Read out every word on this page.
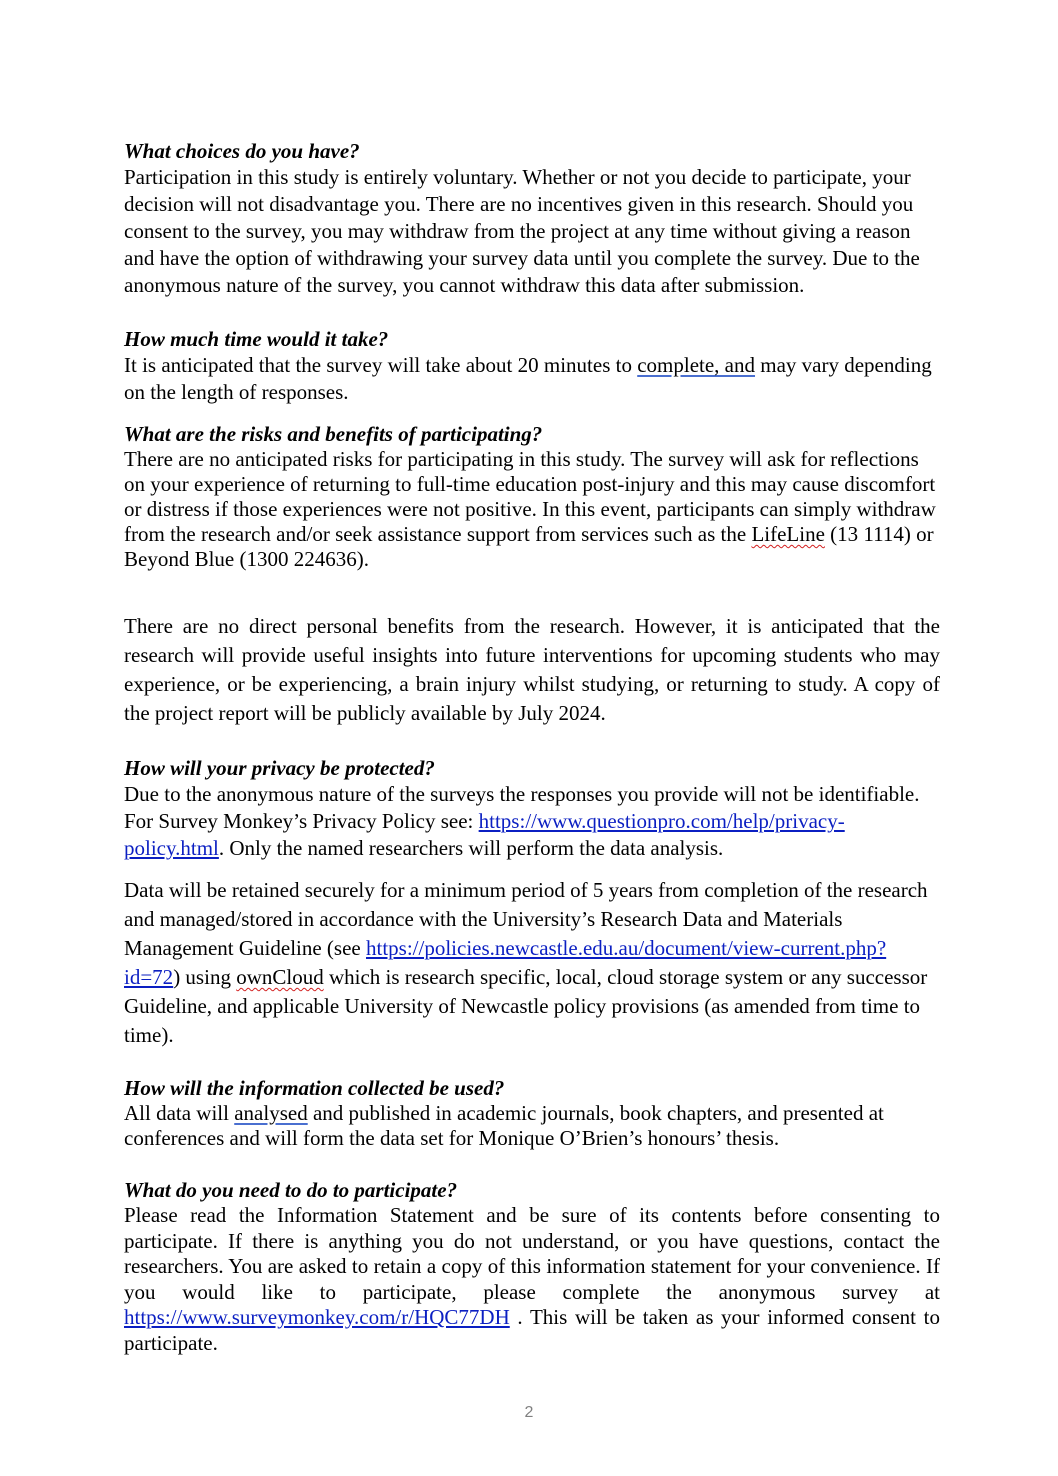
What choices do you have?

Participation in this study is entirely voluntary. Whether or not you decide to participate, your decision will not disadvantage you. There are no incentives given in this research. Should you consent to the survey, you may withdraw from the project at any time without giving a reason and have the option of withdrawing your survey data until you complete the survey. Due to the anonymous nature of the survey, you cannot withdraw this data after submission.

How much time would it take?

It is anticipated that the survey will take about 20 minutes to complete, and may vary depending on the length of responses.

What are the risks and benefits of participating?

There are no anticipated risks for participating in this study. The survey will ask for reflections on your experience of returning to full-time education post-injury and this may cause discomfort or distress if those experiences were not positive. In this event, participants can simply withdraw from the research and/or seek assistance support from services such as the LifeLine (13 1114) or Beyond Blue (1300 224636).

There are no direct personal benefits from the research. However, it is anticipated that the research will provide useful insights into future interventions for upcoming students who may experience, or be experiencing, a brain injury whilst studying, or returning to study. A copy of the project report will be publicly available by July 2024.

How will your privacy be protected?

Due to the anonymous nature of the surveys the responses you provide will not be identifiable. For Survey Monkey’s Privacy Policy see: https://www.questionpro.com/help/privacy-policy.html. Only the named researchers will perform the data analysis.

Data will be retained securely for a minimum period of 5 years from completion of the research and managed/stored in accordance with the University’s Research Data and Materials Management Guideline (see https://policies.newcastle.edu.au/document/view-current.php?id=72) using ownCloud which is research specific, local, cloud storage system or any successor Guideline, and applicable University of Newcastle policy provisions (as amended from time to time).

How will the information collected be used?

All data will analysed and published in academic journals, book chapters, and presented at conferences and will form the data set for Monique O’Brien’s honours’ thesis.

What do you need to do to participate?

Please read the Information Statement and be sure of its contents before consenting to participate. If there is anything you do not understand, or you have questions, contact the researchers. You are asked to retain a copy of this information statement for your convenience. If you would like to participate, please complete the anonymous survey at https://www.surveymonkey.com/r/HQC77DH . This will be taken as your informed consent to participate.

2
